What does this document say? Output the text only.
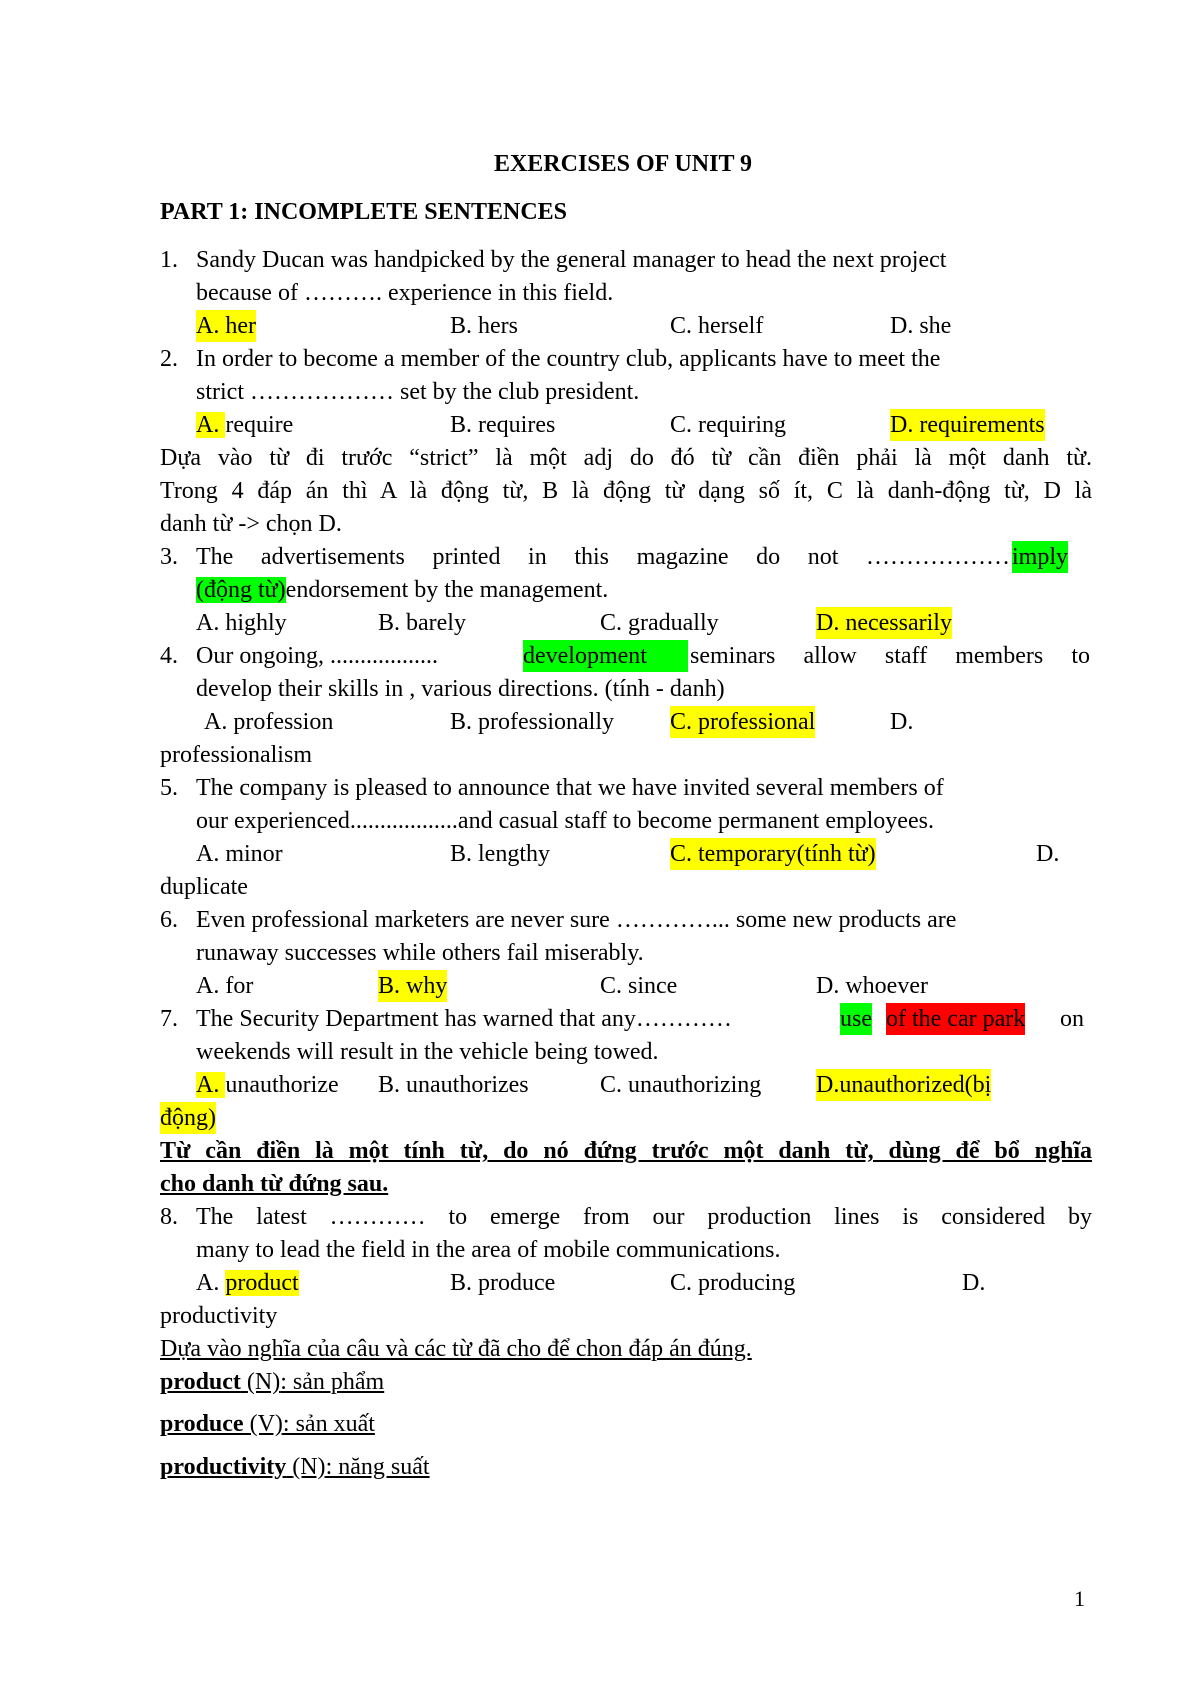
EXERCISES OF UNIT 9
PART 1: INCOMPLETE SENTENCES
1. Sandy Ducan was handpicked by the general manager to head the next project
because of ………. experience in this field.
A. her	B. hers	C. herself	D. she
2. In order to become a member of the country club, applicants have to meet the
strict ……………… set by the club president.
A. require	B. requires	C. requiring	D. requirements
Dựa vào từ đi trước “strict” là một adj do đó từ cần điền phải là một danh từ.
Trong 4 đáp án thì A là động từ, B là động từ dạng số ít, C là danh-động từ, D là
danh từ -> chọn D.
3. The advertisements printed in this magazine do not ……………… imply
(động từ)endorsement by the management.
A. highly	B. barely	C. gradually	D. necessarily
4. Our ongoing, ..................	development	seminars allow staff members to
develop their skills in , various directions. (tính - danh)
A. profession	B. professionally C. professional	D.
professionalism
5. The company is pleased to announce that we have invited several members of
our experienced..................and casual staff to become permanent employees.
A. minor	B. lengthy	C. temporary(tính từ)	D.
duplicate
6. Even professional marketers are never sure …………... some new products are
runaway successes while others fail miserably.
A. for	B. why	C. since	D. whoever
7. The Security Department has warned that any…………	use of the car park on
weekends will result in the vehicle being towed.
A. unauthorize B. unauthorizes	C. unauthorizing D.unauthorized(bị
động)
Từ cần điền là một tính từ, do nó đứng trước một danh từ, dùng để bổ nghĩa
cho danh từ đứng sau.
8. The latest ………… to emerge from our production lines is considered by
many to lead the field in the area of mobile communications.
A. product	B. produce	C. producing	D.
productivity
Dựa vào nghĩa của câu và các từ đã cho để chon đáp án đúng.
product (N): sản phẩm
produce (V): sản xuất
productivity (N): năng suất
1
